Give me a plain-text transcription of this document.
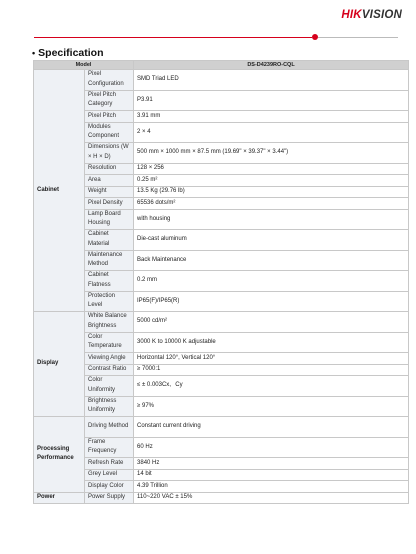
HIKVISION
• Specification
Model		DS-D4239RO-CQL
Cabinet	Pixel Configuration	SMD Triad LED
	Pixel Pitch Category	P3.91
	Pixel Pitch	3.91 mm
	Modules Component	2 × 4
	Dimensions (W × H × D)	500 mm × 1000 mm × 87.5 mm (19.69" × 39.37" × 3.44")
	Resolution	128 × 256
	Area	0.25 m²
	Weight	13.5 Kg (29.76 lb)
	Pixel Density	65536 dots/m²
	Lamp Board Housing	with housing
	Cabinet Material	Die-cast aluminum
	Maintenance Method	Back Maintenance
	Cabinet Flatness	0.2 mm
	Protection Level	IP65(F)/IP65(R)
Display	White Balance Brightness	5000 cd/m²
	Color Temperature	3000 K to 10000 K adjustable
	Viewing Angle	Horizontal 120°, Vertical 120°
	Contrast Ratio	≥ 7000:1
	Color Uniformity	≤ ± 0.003Cx、Cy
	Brightness Uniformity	≥ 97%
Processing Performance	Driving Method	Constant current driving
	Frame Frequency	60 Hz
	Refresh Rate	3840 Hz
	Grey Level	14 bit
	Display Color	4.39 Trillion
Power	Power Supply	110~220 VAC ± 15%
